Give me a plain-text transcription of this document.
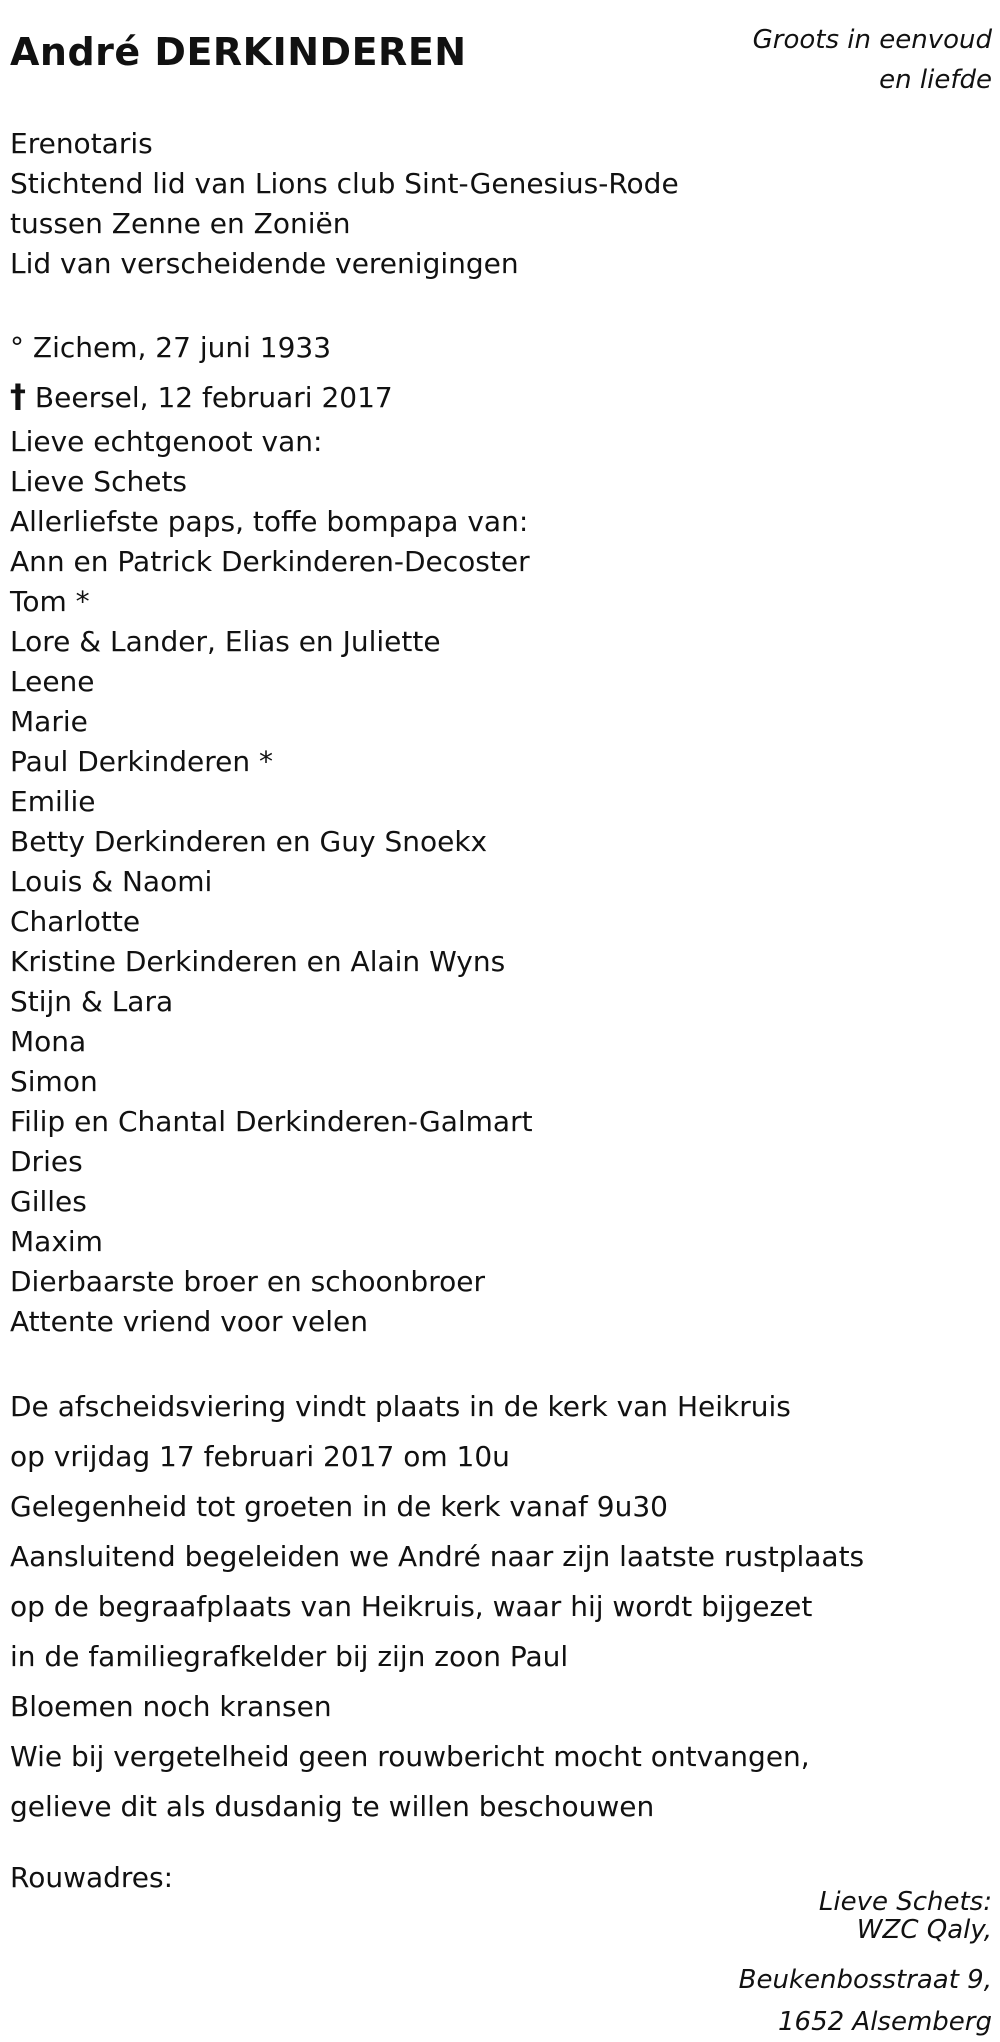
André DERKINDEREN	Groots in eenvoud
en liefde
Erenotaris
Stichtend lid van Lions club Sint-Genesius-Rode
tussen Zenne en Zoniën
Lid van verscheidende verenigingen
° Zichem, 27 juni 1933
† Beersel, 12 februari 2017
Lieve echtgenoot van:
Lieve Schets
Allerliefste paps, toffe bompapa van:
Ann en Patrick Derkinderen-Decoster
Tom *
Lore & Lander, Elias en Juliette
Leene
Marie
Paul Derkinderen *
Emilie
Betty Derkinderen en Guy Snoekx
Louis & Naomi
Charlotte
Kristine Derkinderen en Alain Wyns
Stijn & Lara
Mona
Simon
Filip en Chantal Derkinderen-Galmart
Dries
Gilles
Maxim
Dierbaarste broer en schoonbroer
Attente vriend voor velen
De afscheidsviering vindt plaats in de kerk van Heikruis
op vrijdag 17 februari 2017 om 10u
Gelegenheid tot groeten in de kerk vanaf 9u30
Aansluitend begeleiden we André naar zijn laatste rustplaats
op de begraafplaats van Heikruis, waar hij wordt bijgezet
in de familiegrafkelder bij zijn zoon Paul
Bloemen noch kransen
Wie bij vergetelheid geen rouwbericht mocht ontvangen,
gelieve dit als dusdanig te willen beschouwen
Rouwadres:
Lieve Schets:
WZC Qaly,
Beukenbosstraat 9,
1652 Alsemberg
